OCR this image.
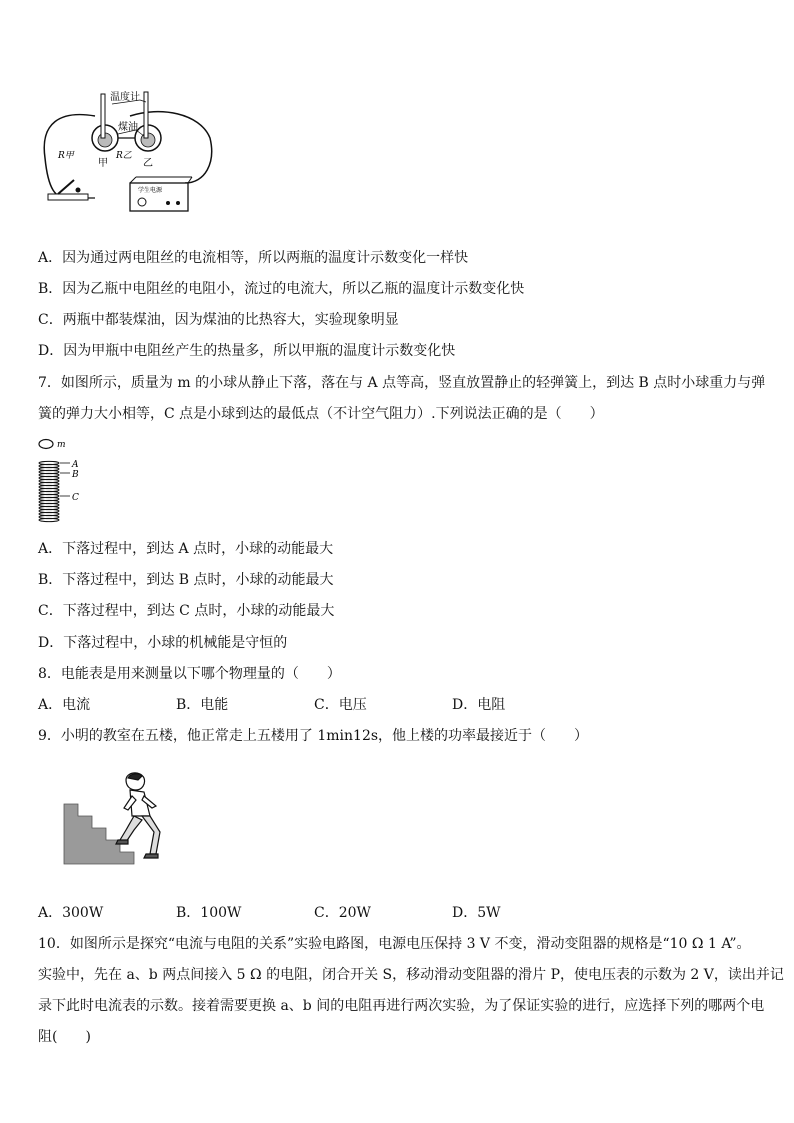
温度计
煤油
R甲
甲
R乙
乙
学生电源
A．因为通过两电阻丝的电流相等，所以两瓶的温度计示数变化一样快
B．因为乙瓶中电阻丝的电阻小，流过的电流大，所以乙瓶的温度计示数变化快
C．两瓶中都装煤油，因为煤油的比热容大，实验现象明显
D．因为甲瓶中电阻丝产生的热量多，所以甲瓶的温度计示数变化快
7．如图所示，质量为 m 的小球从静止下落，落在与 A 点等高，竖直放置静止的轻弹簧上，到达 B 点时小球重力与弹
簧的弹力大小相等，C 点是小球到达的最低点（不计空气阻力）.下列说法正确的是（　　）
m
A
B
C
A．下落过程中，到达 A 点时，小球的动能最大
B．下落过程中，到达 B 点时，小球的动能最大
C．下落过程中，到达 C 点时，小球的动能最大
D．下落过程中，小球的机械能是守恒的
8．电能表是用来测量以下哪个物理量的（　　）
A．电流	B．电能	C．电压	D．电阻
9．小明的教室在五楼，他正常走上五楼用了 1min12s，他上楼的功率最接近于（　　）
A．300W	B．100W	C．20W	D．5W
10．如图所示是探究“电流与电阻的关系”实验电路图，电源电压保持 3 V 不变，滑动变阻器的规格是“10 Ω 1 A”。
实验中，先在 a、b 两点间接入 5 Ω 的电阻，闭合开关 S，移动滑动变阻器的滑片 P，使电压表的示数为 2 V，读出并记
录下此时电流表的示数。接着需要更换 a、b 间的电阻再进行两次实验，为了保证实验的进行，应选择下列的哪两个电
阻(　　)
